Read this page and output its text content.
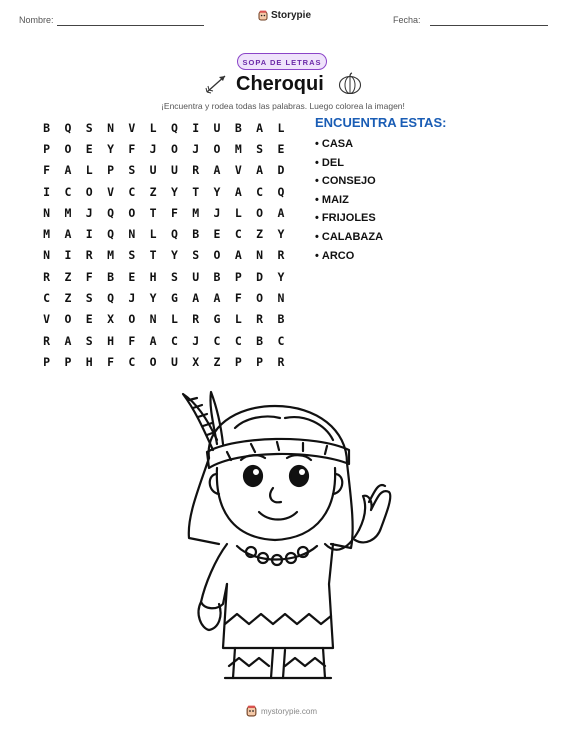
Nombre:	Storypie	Fecha:
SOPA DE LETRAS
Cheroqui
¡Encuentra y rodea todas las palabras. Luego colorea la imagen!
B	Q	S	N	V	L	Q	I	U	B	A	L
P	O	E	Y	F	J	O	J	O	M	S	E
F	A	L	P	S	U	U	R	A	V	A	D
I	C	O	V	C	Z	Y	T	Y	A	C	Q
N	M	J	Q	O	T	F	M	J	L	O	A
M	A	I	Q	N	L	Q	B	E	C	Z	Y
N	I	R	M	S	T	Y	S	O	A	N	R
R	Z	F	B	E	H	S	U	B	P	D	Y
C	Z	S	Q	J	Y	G	A	A	F	O	N
V	O	E	X	O	N	L	R	G	L	R	B
R	A	S	H	F	A	C	J	C	C	B	C
P	P	H	F	C	O	U	X	Z	P	P	R
ENCUENTRA ESTAS:
• CASA
• DEL
• CONSEJO
• MAIZ
• FRIJOLES
• CALABAZA
• ARCO
mystorypie.com
